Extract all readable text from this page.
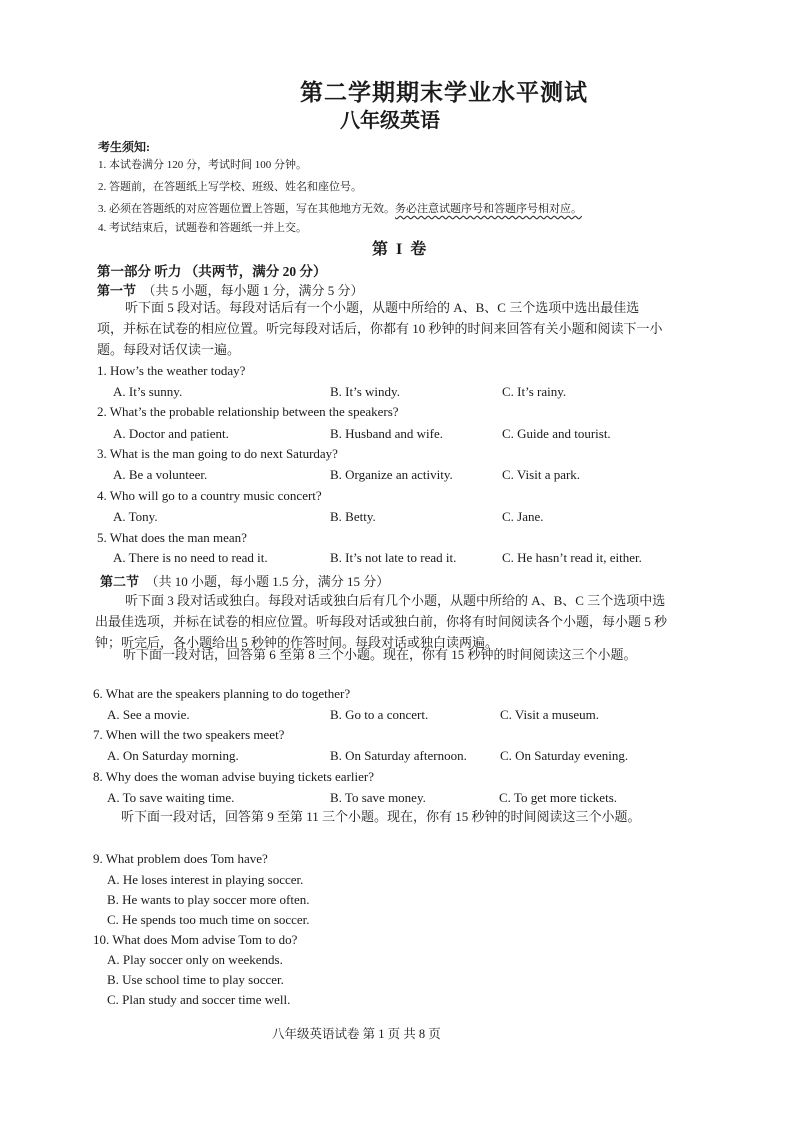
第二学期期末学业水平测试
八年级英语
考生须知:
1. 本试卷满分 120 分，考试时间 100 分钟。
2. 答题前，在答题纸上写学校、班级、姓名和座位号。
3. 必须在答题纸的对应答题位置上答题，写在其他地方无效。务必注意试题序号和答题序号相对应。
4. 考试结束后，试题卷和答题纸一并上交。
第 I 卷
第一部分 听力 （共两节，满分 20 分）
第一节 （共 5 小题，每小题 1 分，满分 5 分）
听下面 5 段对话。每段对话后有一个小题，从题中所给的 A、B、C 三个选项中选出最佳选项，并标在试卷的相应位置。听完每段对话后，你都有 10 秒钟的时间来回答有关小题和阅读下一小题。每段对话仅读一遍。
1. How’s the weather today?
A. It’s sunny.	B. It’s windy.	C. It’s rainy.
2. What’s the probable relationship between the speakers?
A. Doctor and patient.	B. Husband and wife.	C. Guide and tourist.
3. What is the man going to do next Saturday?
A. Be a volunteer.	B. Organize an activity.	C. Visit a park.
4. Who will go to a country music concert?
A. Tony.	B. Betty.	C. Jane.
5. What does the man mean?
A. There is no need to read it.	B. It’s not late to read it.	C. He hasn’t read it, either.
第二节 （共 10 小题，每小题 1.5 分，满分 15 分）
听下面 3 段对话或独白。每段对话或独白后有几个小题，从题中所给的 A、B、C 三个选项中选出最佳选项，并标在试卷的相应位置。听每段对话或独白前，你将有时间阅读各个小题，每小题 5 秒钟；听完后，各小题给出 5 秒钟的作答时间。每段对话或独白读两遍。
听下面一段对话，回答第 6 至第 8 三个小题。现在，你有 15 秒钟的时间阅读这三个小题。
6. What are the speakers planning to do together?
A. See a movie.	B. Go to a concert.	C. Visit a museum.
7. When will the two speakers meet?
A. On Saturday morning.	B. On Saturday afternoon.	C. On Saturday evening.
8. Why does the woman advise buying tickets earlier?
A. To save waiting time.	B. To save money.	C. To get more tickets.
听下面一段对话，回答第 9 至第 11 三个小题。现在，你有 15 秒钟的时间阅读这三个小题。
9. What problem does Tom have?
A. He loses interest in playing soccer.
B. He wants to play soccer more often.
C. He spends too much time on soccer.
10. What does Mom advise Tom to do?
A. Play soccer only on weekends.
B. Use school time to play soccer.
C. Plan study and soccer time well.
八年级英语试卷 第 1 页 共 8 页
